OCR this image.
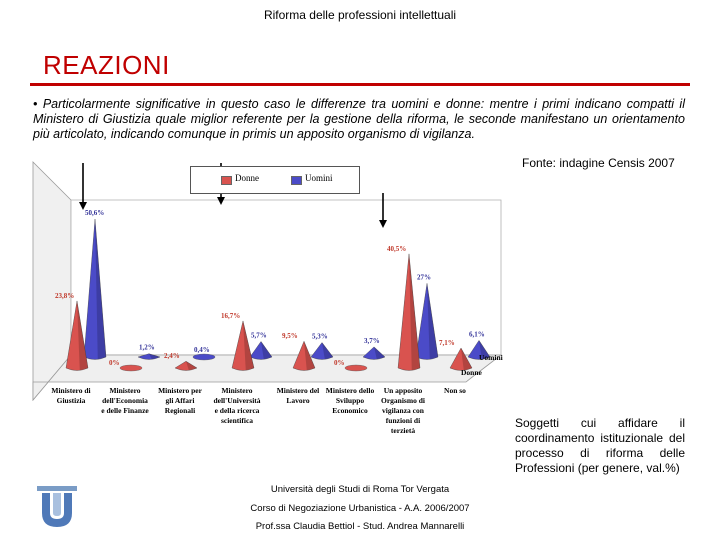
Riforma delle professioni intellettuali
REAZIONI
• Particolarmente significative in questo caso le differenze tra uomini e donne: mentre i primi indicano compatti il Ministero di Giustizia quale miglior referente per la gestione della riforma, le seconde manifestano un orientamento più articolato, indicando comunque in primis un apposito organismo di vigilanza.
Fonte: indagine Censis 2007
50,6%
1,2%	0,4%
5,7%	5,3%
3,7%
27%
6,1%
23,8%
0%
2,4%
16,7%
9,5%
0%
40,5%
7,1%
Uomini
Donne
Ministero di Giustizia
Ministero dell'Economia e delle Finanze
Ministero per gli Affari Regionali
Ministero dell'Università e della ricerca scientifica
Ministero del Lavoro
Ministero dello Sviluppo Economico
Un apposito Organismo di vigilanza con funzioni di terzietà
Non so
Donne	Uomini
Soggetti cui affidare il coordinamento istituzionale del processo di riforma delle Professioni (per genere, val.%)
Università degli Studi di Roma Tor Vergata
Corso di Negoziazione Urbanistica - A.A. 2006/2007
Prof.ssa Claudia Bettiol - Stud. Andrea Mannarelli
